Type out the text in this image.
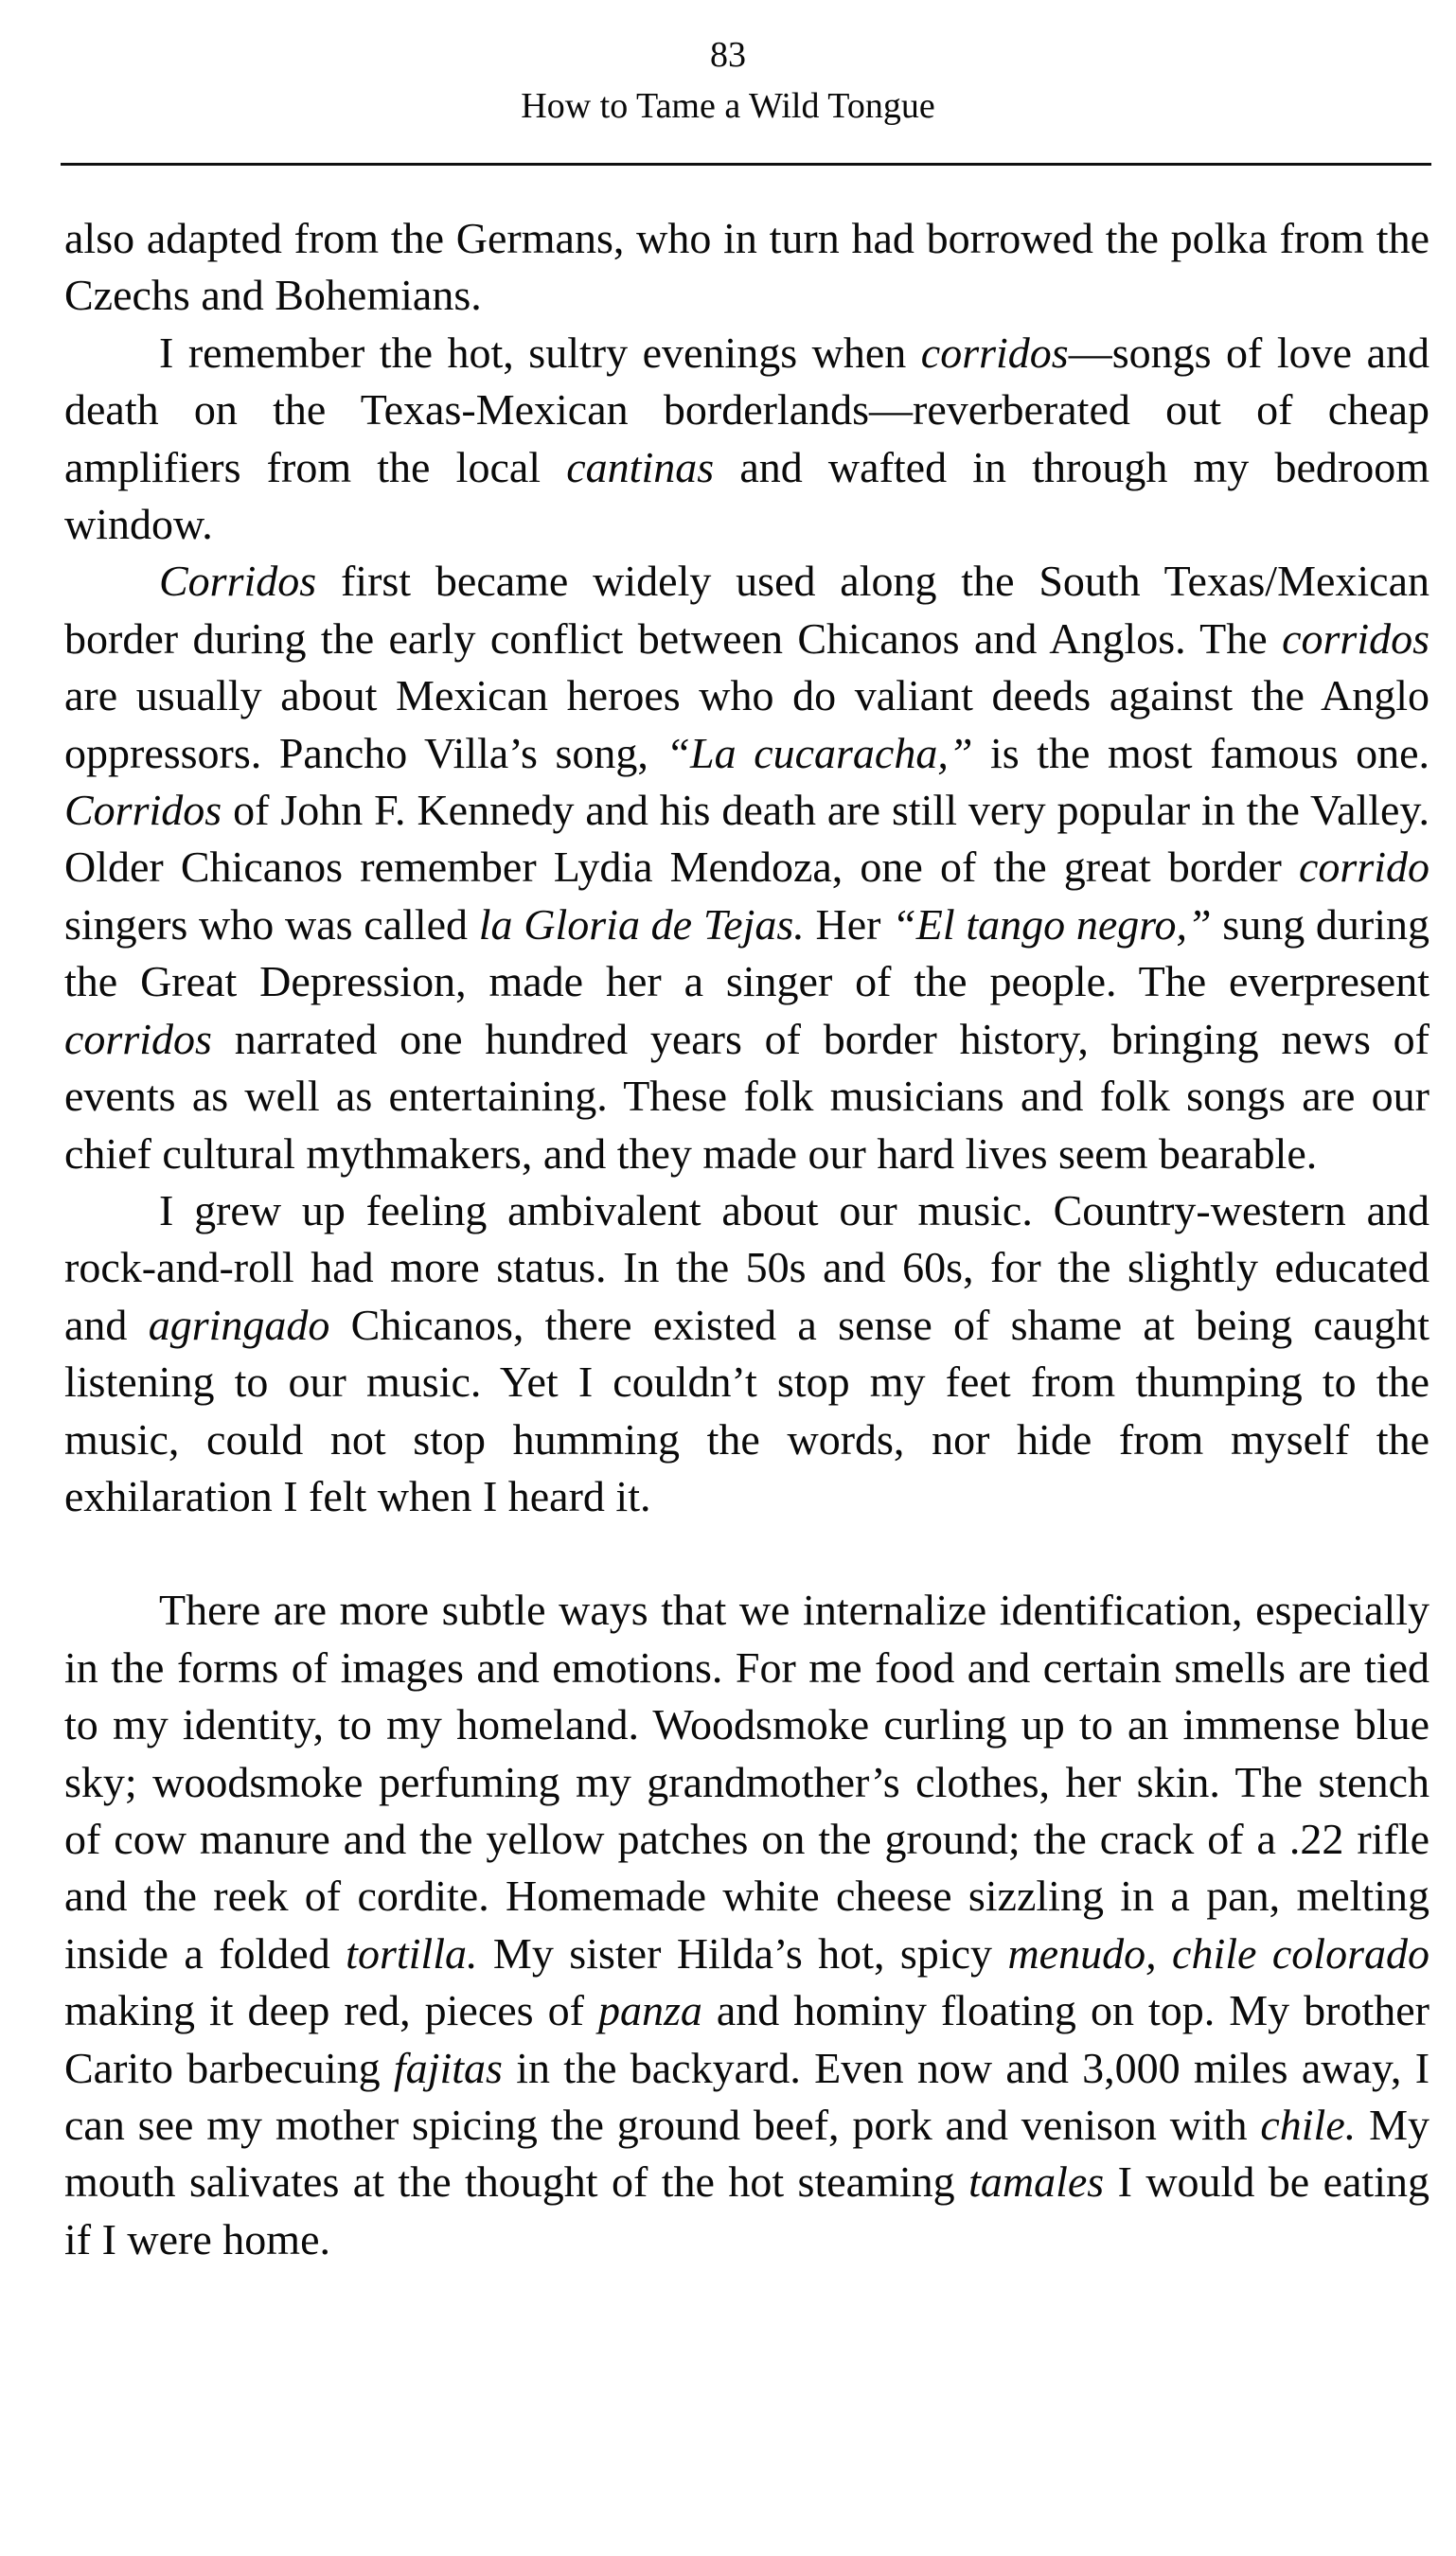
83
How to Tame a Wild Tongue

also adapted from the Germans, who in turn had borrowed the polka from the Czechs and Bohemians.

I remember the hot, sultry evenings when corridos—songs of love and death on the Texas-Mexican borderlands—reverberated out of cheap amplifiers from the local cantinas and wafted in through my bedroom window.

Corridos first became widely used along the South Texas/​Mexican border during the early conflict between Chicanos and Anglos. The corridos are usually about Mexican heroes who do valiant deeds against the Anglo oppressors. Pancho Villa’s song, “La cucaracha,” is the most famous one. Corridos of John F. Kennedy and his death are still very popular in the Valley. Older Chicanos remember Lydia Mendoza, one of the great border corrido singers who was called la Gloria de Tejas. Her “El tango negro,” sung during the Great Depression, made her a singer of the people. The everpresent corridos narrated one hundred years of border history, bringing news of events as well as entertaining. These folk musicians and folk songs are our chief cultural mythmakers, and they made our hard lives seem bearable.

I grew up feeling ambivalent about our music. Country-western and rock-and-roll had more status. In the 50s and 60s, for the slightly educated and agringado Chicanos, there existed a sense of shame at being caught listening to our music. Yet I couldn’t stop my feet from thumping to the music, could not stop humming the words, nor hide from myself the exhilaration I felt when I heard it.

There are more subtle ways that we internalize identification, especially in the forms of images and emotions. For me food and certain smells are tied to my identity, to my homeland. Woodsmoke curling up to an immense blue sky; woodsmoke perfuming my grandmother’s clothes, her skin. The stench of cow manure and the yellow patches on the ground; the crack of a .22 rifle and the reek of cordite. Homemade white cheese sizzling in a pan, melting inside a folded tortilla. My sister Hilda’s hot, spicy menudo, chile colorado making it deep red, pieces of panza and hominy floating on top. My brother Carito barbecuing fajitas in the backyard. Even now and 3,000 miles away, I can see my mother spicing the ground beef, pork and venison with chile. My mouth salivates at the thought of the hot steaming tamales I would be eating if I were home.
